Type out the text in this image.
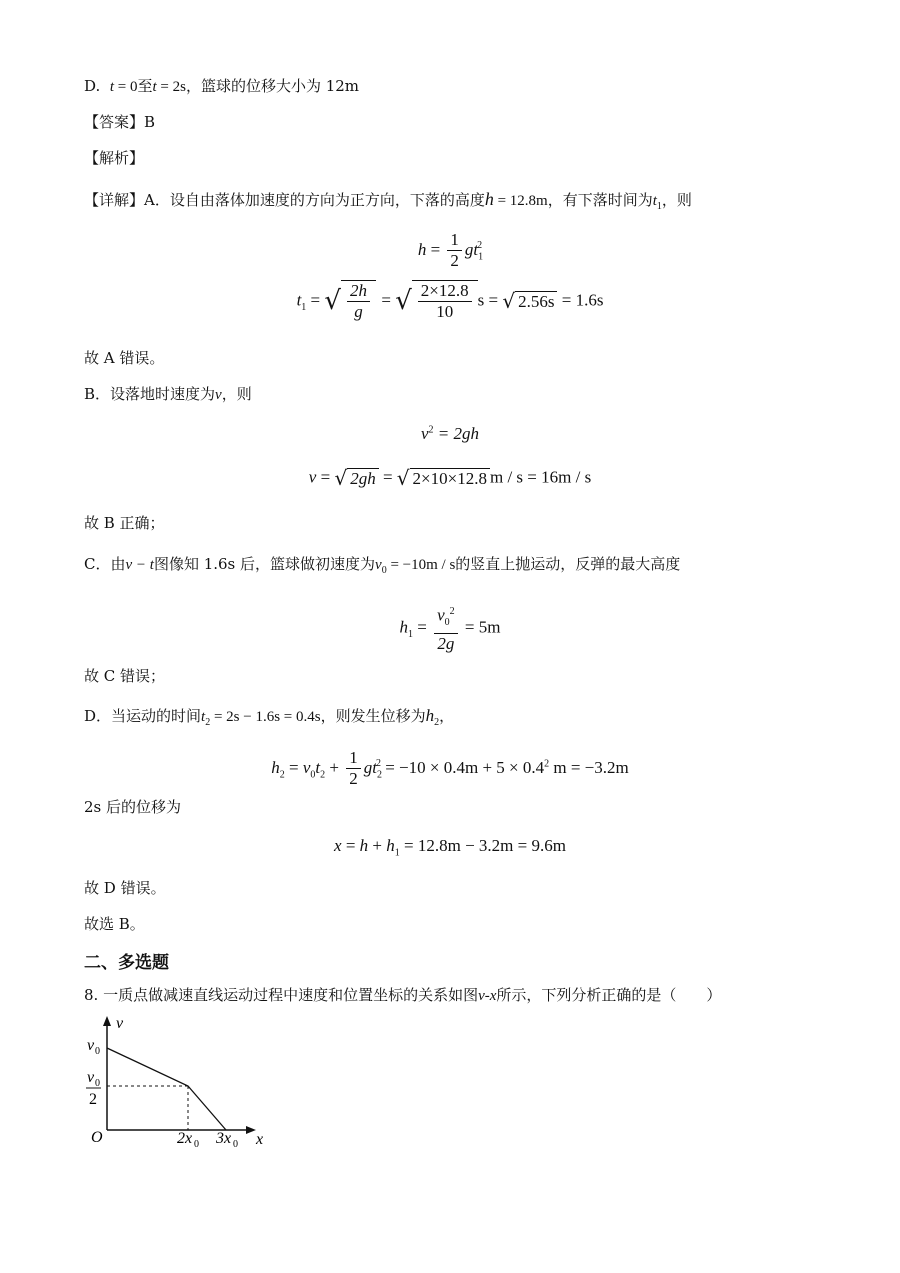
D. t = 0至t = 2s，篮球的位移大小为 12m
【答案】B
【解析】
【详解】A．设自由落体加速度的方向为正方向，下落的高度h = 12.8m，有下落时间为$t_1$，则
$h = \frac{1}{2} gt_1^2$
$t_1$ = √ $\frac{2h}{g}$ = √ $\frac{2\times 12.8}{10}$ s = √ 2.56s = 1.6s
故 A 错误。
B．设落地时速度为v，则
$v^2 = 2gh$
v = √ 2gh = √ 2×10×12.8 m / s = 16m / s
故 B 正确；
C．由v − t图像知 1.6s 后，篮球做初速度为$v_0 = -10m / s$的竖直上抛运动，反弹的最大高度
$h_1 = \frac{v_0^2}{2g} = 5m$
故 C 错误；
D．当运动的时间$t_2 = 2s - 1.6s = 0.4s$，则发生位移为$h_2$，
$h_2 = v_0t_2 + \frac{1}{2} gt_2^2 = -10 \times 0.4m + 5 \times 0.4^2$ m = −3.2m
2s 后的位移为
$x = h + h_1 = 12.8m - 3.2m = 9.6m$
故 D 错误。
故选 B。
二、多选题
8. 一质点做减速直线运动过程中速度和位置坐标的关系如图v-x所示，下列分析正确的是（　　）
v
x
O
v 0
v 0
2
2x 0 3x 0
